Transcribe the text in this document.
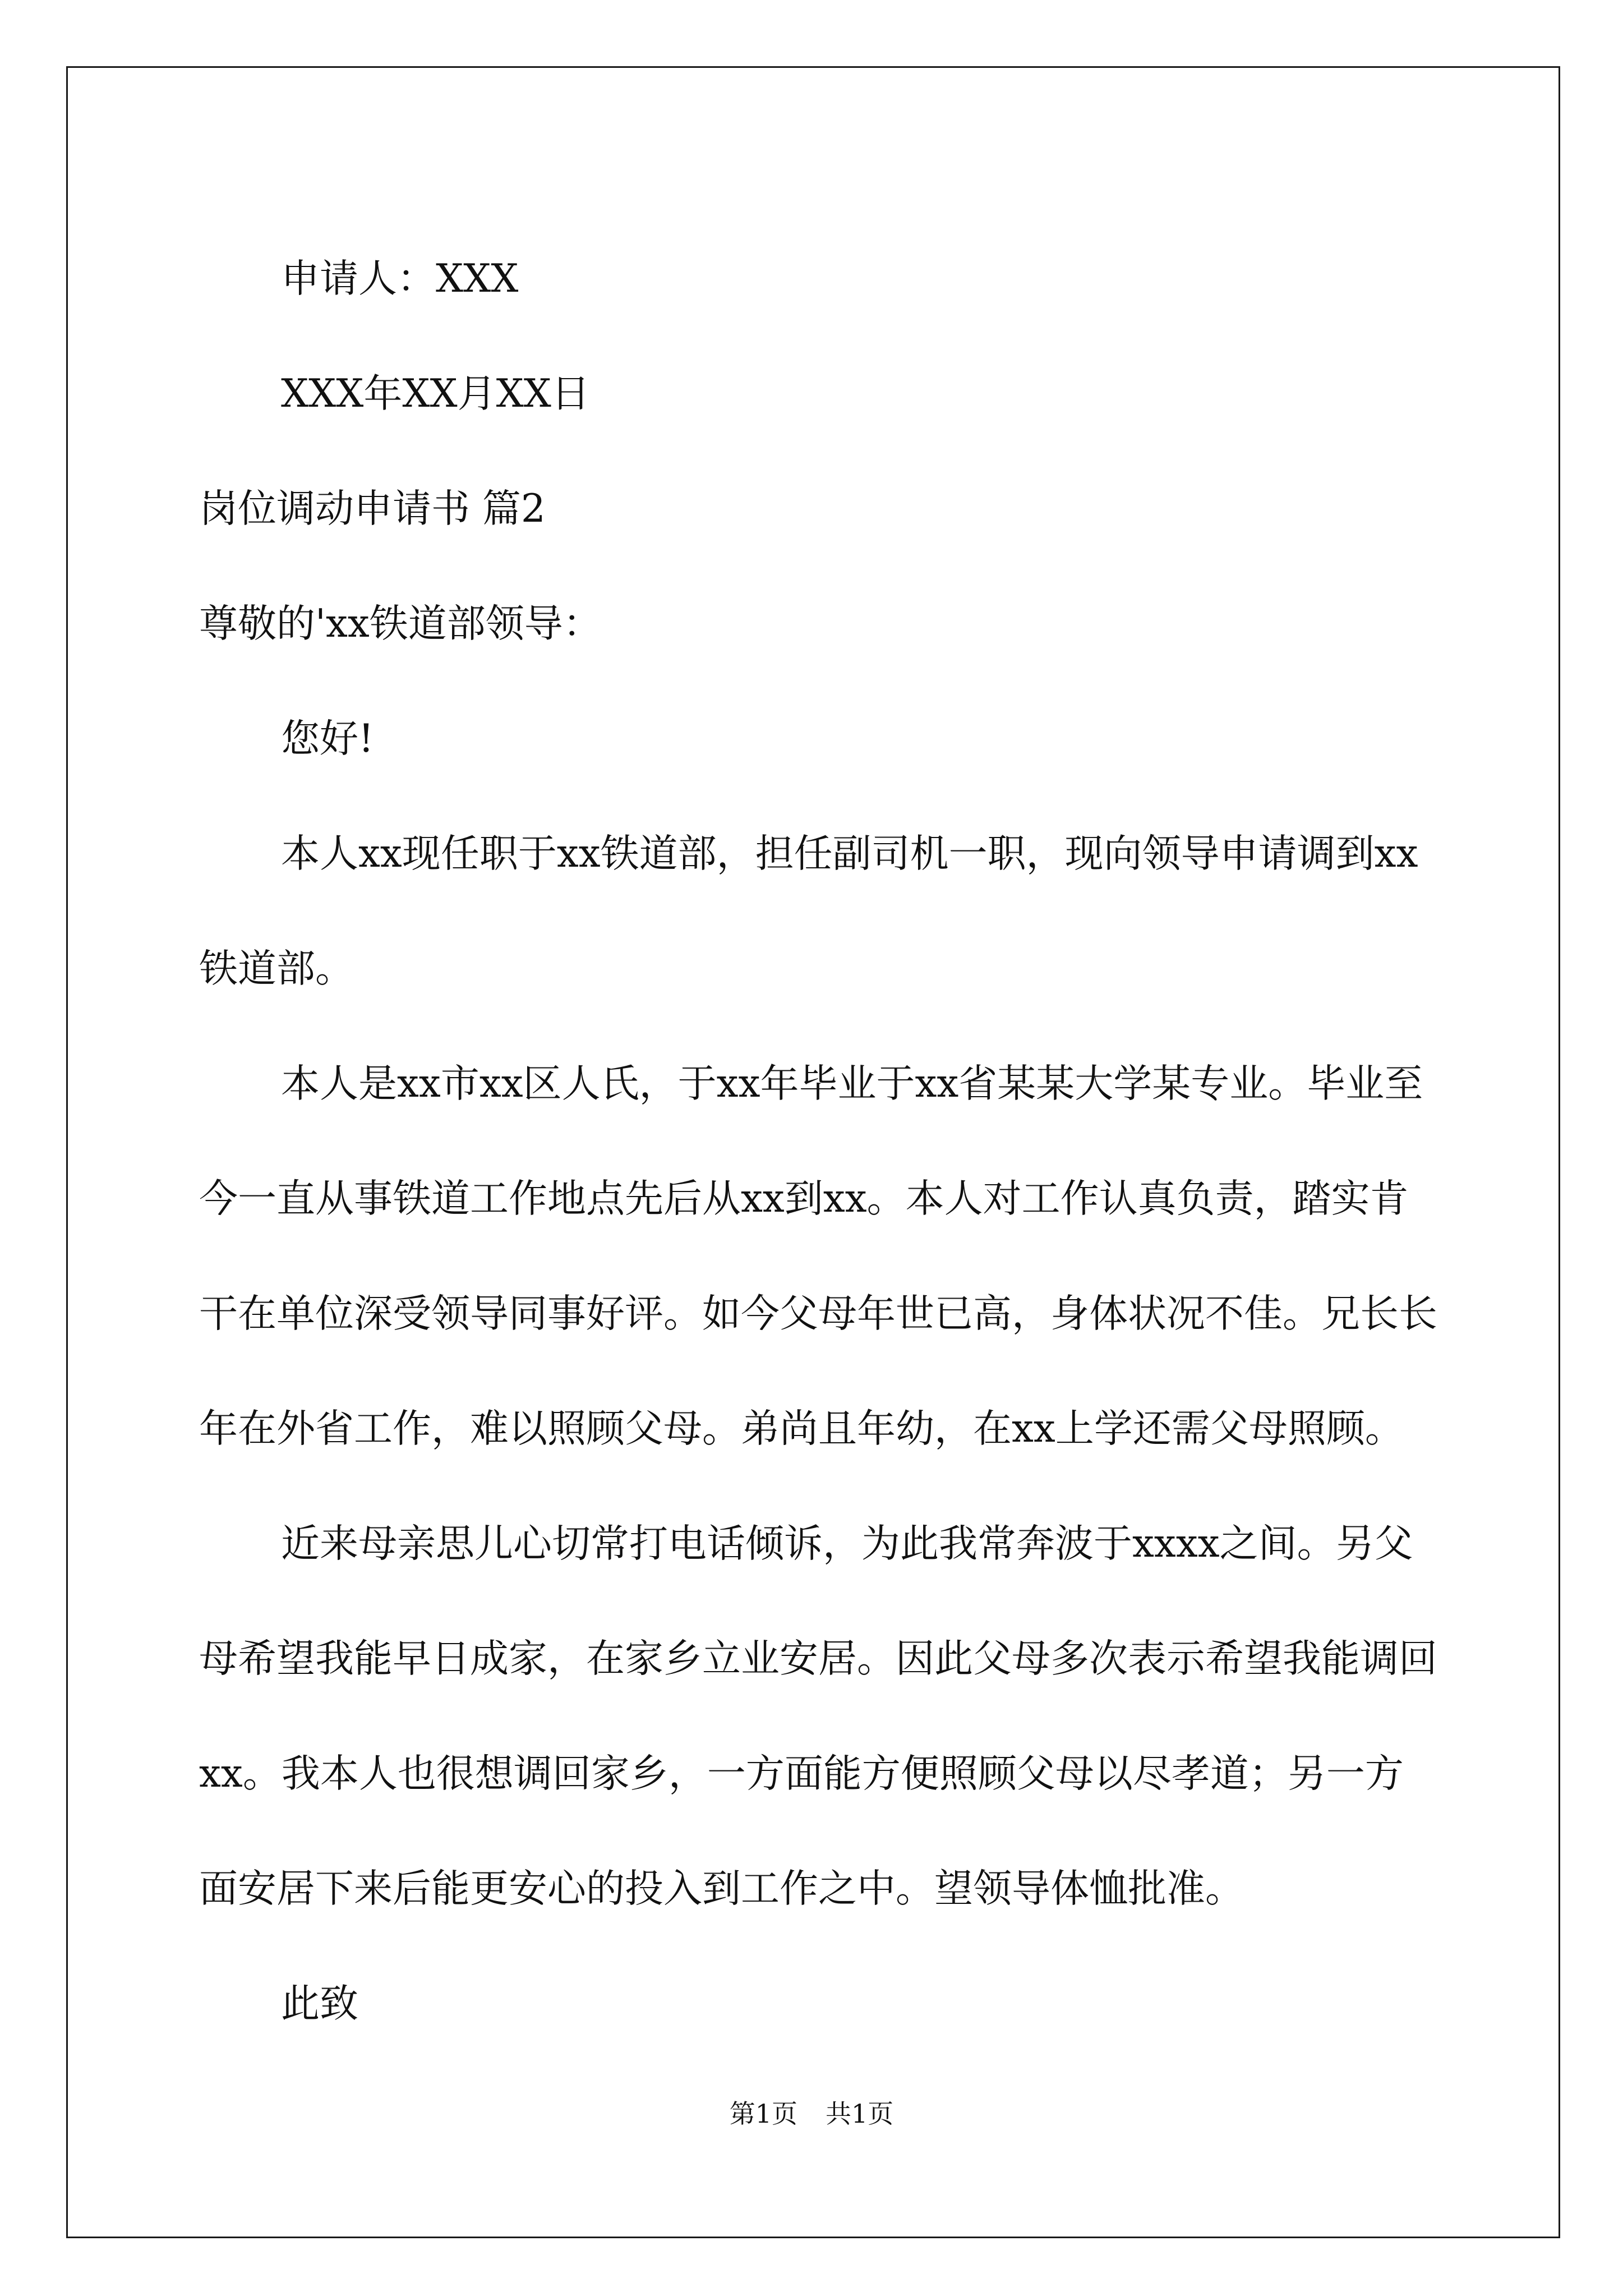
申请人：XXX

XXX年XX月XX日

岗位调动申请书 篇2

尊敬的'xx铁道部领导：

您好!

本人xx现任职于xx铁道部，担任副司机一职，现向领导申请调到xx铁道部。

本人是xx市xx区人氏，于xx年毕业于xx省某某大学某专业。毕业至今一直从事铁道工作地点先后从xx到xx。本人对工作认真负责，踏实肯干在单位深受领导同事好评。如今父母年世已高，身体状况不佳。兄长长年在外省工作，难以照顾父母。弟尚且年幼，在xx上学还需父母照顾。

近来母亲思儿心切常打电话倾诉，为此我常奔波于xxxx之间。另父母希望我能早日成家，在家乡立业安居。因此父母多次表示希望我能调回xx。我本人也很想调回家乡，一方面能方便照顾父母以尽孝道；另一方面安居下来后能更安心的投入到工作之中。望领导体恤批准。

此致

第1页 共1页
